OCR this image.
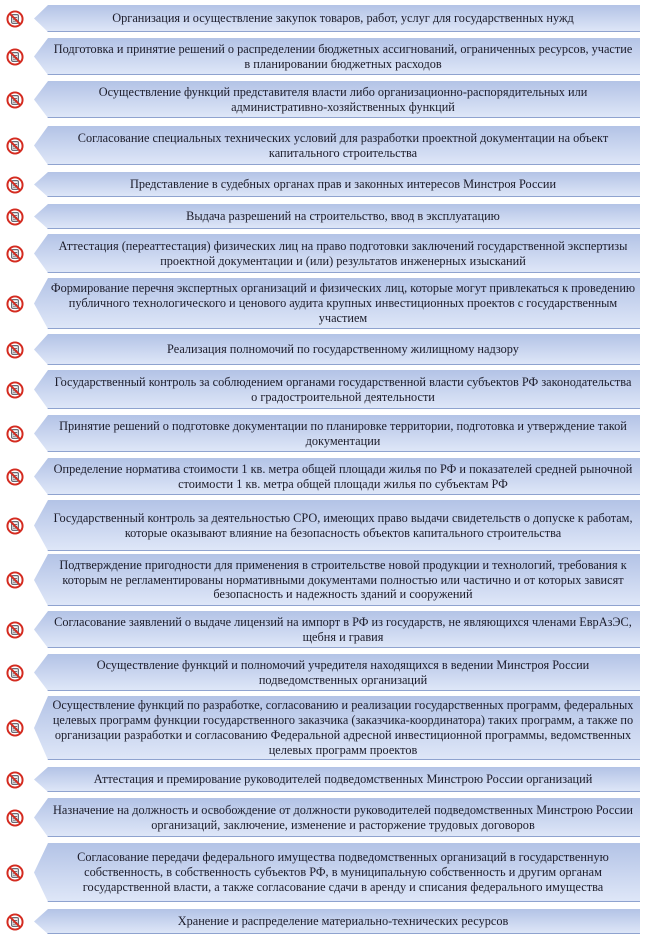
Организация и осуществление закупок товаров, работ, услуг для государственных нужд
Подготовка и принятие решений о распределении бюджетных ассигнований, ограниченных ресурсов, участие в планировании бюджетных расходов
Осуществление функций представителя власти либо организационно-распорядительных или административно-хозяйственных функций
Согласование специальных технических условий для разработки проектной документации на объект капитального строительства
Представление в судебных органах прав и законных интересов Минстроя России
Выдача разрешений на строительство, ввод в эксплуатацию
Аттестация (переаттестация) физических лиц на право подготовки заключений государственной экспертизы проектной документации и (или) результатов инженерных изысканий
Формирование перечня экспертных организаций и физических лиц, которые могут привлекаться к проведению публичного технологического и ценового аудита крупных инвестиционных проектов с государственным участием
Реализация полномочий по государственному жилищному надзору
Государственный контроль за соблюдением органами государственной власти субъектов РФ законодательства о градостроительной деятельности
Принятие решений о подготовке документации по планировке территории, подготовка и утверждение такой документации
Определение норматива стоимости 1 кв. метра общей площади жилья по РФ и показателей средней рыночной стоимости 1 кв. метра общей площади жилья по субъектам РФ
Государственный контроль за деятельностью СРО, имеющих право выдачи свидетельств о допуске к работам, которые оказывают влияние на безопасность объектов капитального строительства
Подтверждение пригодности для применения в строительстве новой продукции и технологий, требования к которым не регламентированы нормативными документами полностью или частично и от которых зависят безопасность и надежность зданий и сооружений
Согласование заявлений о выдаче лицензий на импорт в РФ из государств, не являющихся членами ЕврАзЭС, щебня и гравия
Осуществление функций и полномочий учредителя находящихся в ведении Минстроя России подведомственных организаций
Осуществление функций по разработке, согласованию и реализации государственных программ, федеральных целевых программ функции государственного заказчика (заказчика-координатора) таких программ, а также по организации разработки и согласованию Федеральной адресной инвестиционной программы, ведомственных целевых программ проектов
Аттестация и премирование руководителей подведомственных Минстрою России организаций
Назначение на должность и освобождение от должности руководителей подведомственных Минстрою России организаций, заключение, изменение и расторжение трудовых договоров
Согласование передачи федерального имущества подведомственных организаций в государственную собственность, в собственность субъектов РФ, в муниципальную собственность и другим органам государственной власти, а также согласование сдачи в аренду и списания федерального имущества
Хранение и распределение материально-технических ресурсов
